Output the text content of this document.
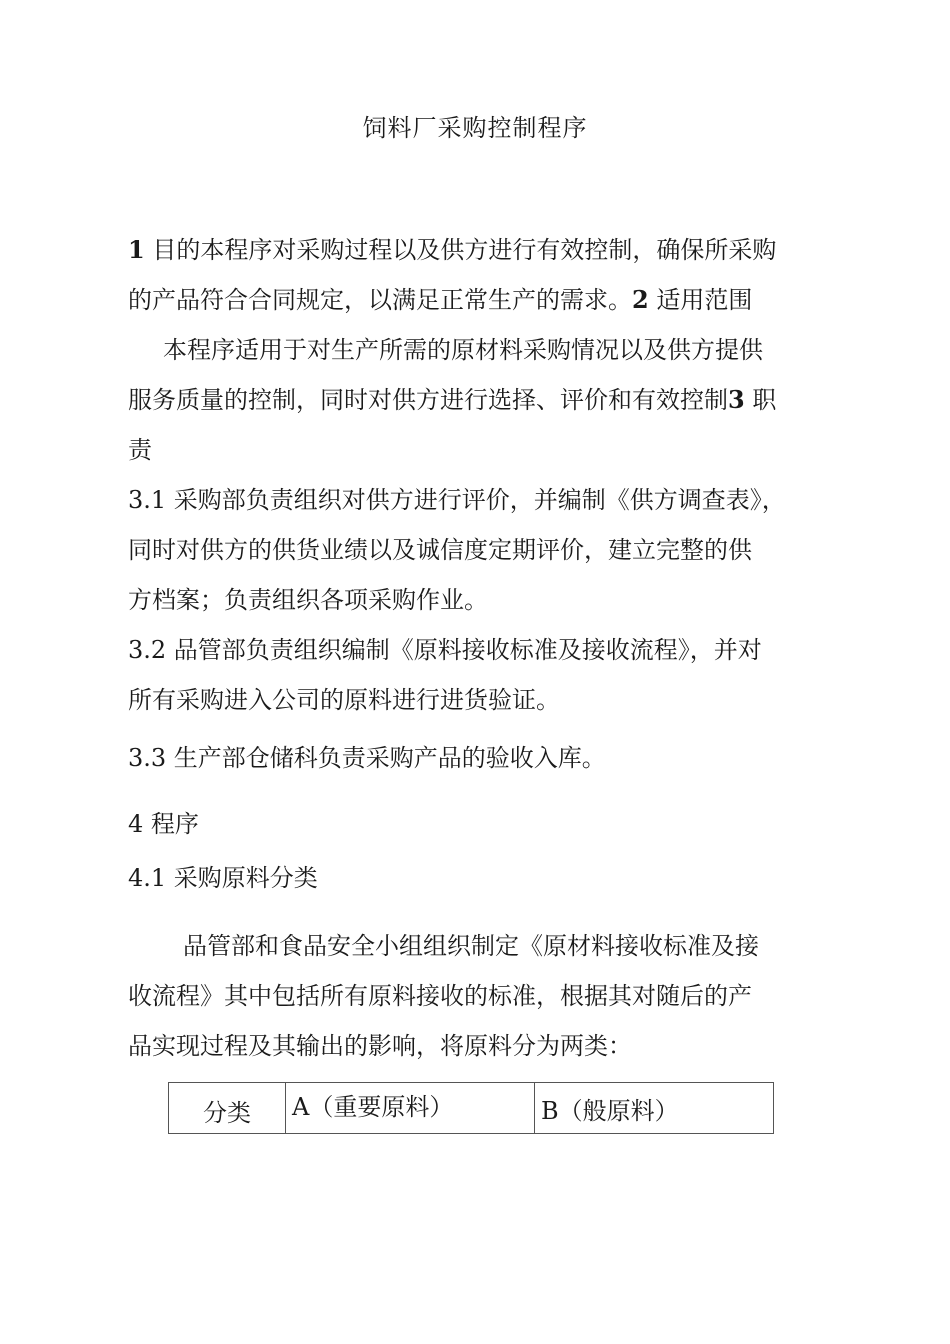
饲料厂采购控制程序
1 目的本程序对采购过程以及供方进行有效控制，确保所采购
的产品符合合同规定，以满足正常生产的需求。2 适用范围
本程序适用于对生产所需的原材料采购情况以及供方提供
服务质量的控制，同时对供方进行选择、评价和有效控制3 职
责
3.1 采购部负责组织对供方进行评价，并编制《供方调查表》，
同时对供方的供货业绩以及诚信度定期评价，建立完整的供
方档案；负责组织各项采购作业。
3.2 品管部负责组织编制《原料接收标准及接收流程》，并对
所有采购进入公司的原料进行进货验证。
3.3 生产部仓储科负责采购产品的验收入库。
4 程序
4.1 采购原料分类
品管部和食品安全小组组织制定《原材料接收标准及接
收流程》其中包括所有原料接收的标准，根据其对随后的产
品实现过程及其输出的影响，将原料分为两类：
分类	A（重要原料）	B（般原料）
